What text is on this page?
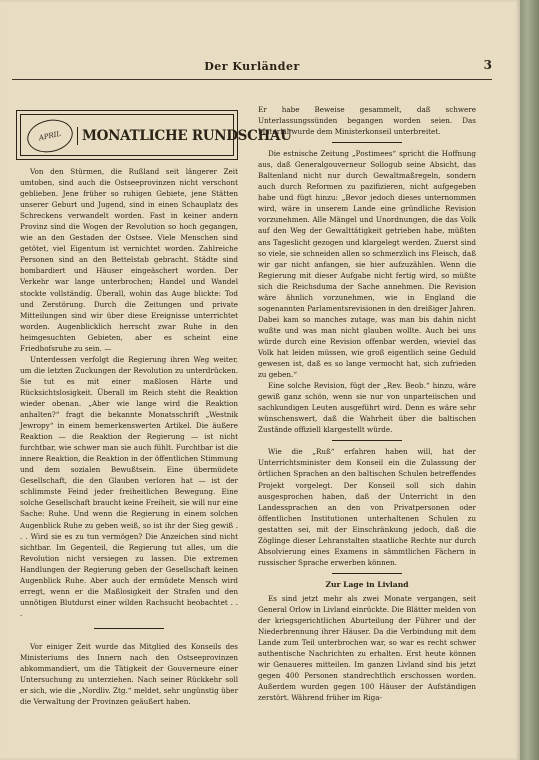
Der Kurländer	3
APRIL	MONATLICHE RUNDSCHAU

Von den Stürmen, die Rußland seit längerer Zeit umtoben, sind auch die Ostseeprovinzen nicht verschont geblieben. Jene früher so ruhigen Gebiete, jene Stätten unserer Geburt und Jugend, sind in einen Schauplatz des Schreckens verwandelt worden. Fast in keiner andern Provinz sind die Wogen der Revolution so hoch gegangen, wie an den Gestaden der Ostsee. Viele Menschen sind getötet, viel Eigentum ist vernichtet worden. Zahlreiche Personen sind an den Bettelstab gebracht. Städte sind bombardiert und Häuser eingeäschert worden. Der Verkehr war lange unterbrochen; Handel und Wandel stockte vollständig. Überall, wohin das Auge blickte: Tod und Zerstörung. Durch die Zeitungen und private Mitteilungen sind wir über diese Ereignisse unterrichtet worden. Augenblicklich herrscht zwar Ruhe in den heimgesuchten Gebieten, aber es scheint eine Friedhofsruhe zu sein. —

Unterdessen verfolgt die Regierung ihren Weg weiter, um die letzten Zuckungen der Revolution zu unterdrücken. Sie tut es mit einer maßlosen Härte und Rücksichtslosigkeit. Überall im Reich steht die Reaktion wieder obenan. „Aber wie lange wird die Reaktion anhalten?“ fragt die bekannte Monatsschrift „Westnik Jewropy“ in einem bemerkenswerten Artikel. Die äußere Reaktion — die Reaktion der Regierung — ist nicht furchtbar, wie schwer man sie auch fühlt. Furchtbar ist die innere Reaktion, die Reaktion in der öffentlichen Stimmung und dem sozialen Bewußtsein. Eine übermüdete Gesellschaft, die den Glauben verloren hat — ist der schlimmste Feind jeder freiheitlichen Bewegung. Eine solche Gesellschaft braucht keine Freiheit, sie will nur eine Sache: Ruhe. Und wenn die Regierung in einem solchen Augenblick Ruhe zu geben weiß, so ist ihr der Sieg gewiß . . . Wird sie es zu tun vermögen? Die Anzeichen sind nicht sichtbar. Im Gegenteil, die Regierung tut alles, um die Revolution nicht versiegen zu lassen. Die extremen Handlungen der Regierung geben der Gesellschaft keinen Augenblick Ruhe. Aber auch der ermüdete Mensch wird erregt, wenn er die Maßlosigkeit der Strafen und den unnötigen Blutdurst einer wilden Rachsucht beobachtet . . .

Vor einiger Zeit wurde das Mitglied des Konseils des Ministeriums des Innern nach den Ostseeprovinzen abkommandiert, um die Tätigkeit der Gouverneure einer Untersuchung zu unterziehen. Nach seiner Rückkehr soll er sich, wie die „Nordliv. Ztg.“ meldet, sehr ungünstig über die Verwaltung der Provinzen geäußert haben.

Er habe Beweise gesammelt, daß schwere Unterlassungssünden begangen worden seien. Das Material wurde dem Ministerkonseil unterbreitet.

Die estnische Zeitung „Postimees“ spricht die Hoffnung aus, daß Generalgouverneur Sollogub seine Absicht, das Baltenland nicht nur durch Gewaltmaßregeln, sondern auch durch Reformen zu pazifizieren, nicht aufgegeben habe und fügt hinzu: „Bevor jedoch dieses unternommen wird, wäre in unserem Lande eine gründliche Revision vorzunehmen. Alle Mängel und Unordnungen, die das Volk auf den Weg der Gewalttätigkeit getrieben habe, müßten ans Tageslicht gezogen und klargelegt werden. Zuerst sind so viele, sie schneiden allen so schmerzlich ins Fleisch, daß wir gar nicht anfangen, sie hier aufzuzählen. Wenn die Regierung mit dieser Aufgabe nicht fertig wird, so müßte sich die Reichsduma der Sache annehmen. Die Revision wäre ähnlich vorzunehmen, wie in England die sogenannten Parlamentsrevisionen in den dreißiger Jahren. Dabei kam so manches zutage, was man bis dahin nicht wußte und was man nicht glauben wollte. Auch bei uns würde durch eine Revision offenbar werden, wieviel das Volk hat leiden müssen, wie groß eigentlich seine Geduld gewesen ist, daß es so lange vermocht hat, sich zufrieden zu geben.“

Eine solche Revision, fügt der „Rev. Beob.“ hinzu, wäre gewiß ganz schön, wenn sie nur von unparteiischen und sachkundigen Leuten ausgeführt wird. Denn es wäre sehr wünschenswert, daß die Wahrheit über die baltischen Zustände offiziell klargestellt würde.

Wie die „Ruß“ erfahren haben will, hat der Unterrichtsminister dem Konseil ein die Zulassung der örtlichen Sprachen an den baltischen Schulen betreffendes Projekt vorgelegt. Der Konseil soll sich dahin ausgesprochen haben, daß der Unterricht in den Landessprachen an den von Privatpersonen oder öffentlichen Institutionen unterhaltenen Schulen zu gestatten sei, mit der Einschränkung jedoch, daß die Zöglinge dieser Lehranstalten staatliche Rechte nur durch Absolvierung eines Examens in sämmtlichen Fächern in russischer Sprache erwerben können.

Zur Lage in Livland

Es sind jetzt mehr als zwei Monate vergangen, seit General Orlow in Livland einrückte. Die Blätter melden von der kriegsgerichtlichen Aburteilung der Führer und der Niederbrennung ihrer Häuser. Da die Verbindung mit dem Lande zum Teil unterbrochen war, so war es recht schwer authentische Nachrichten zu erhalten. Erst heute können wir Genaueres mitteilen. Im ganzen Livland sind bis jetzt gegen 400 Personen standrechtlich erschossen worden. Außerdem wurden gegen 100 Häuser der Aufständigen zerstört. Während früher im Riga-
